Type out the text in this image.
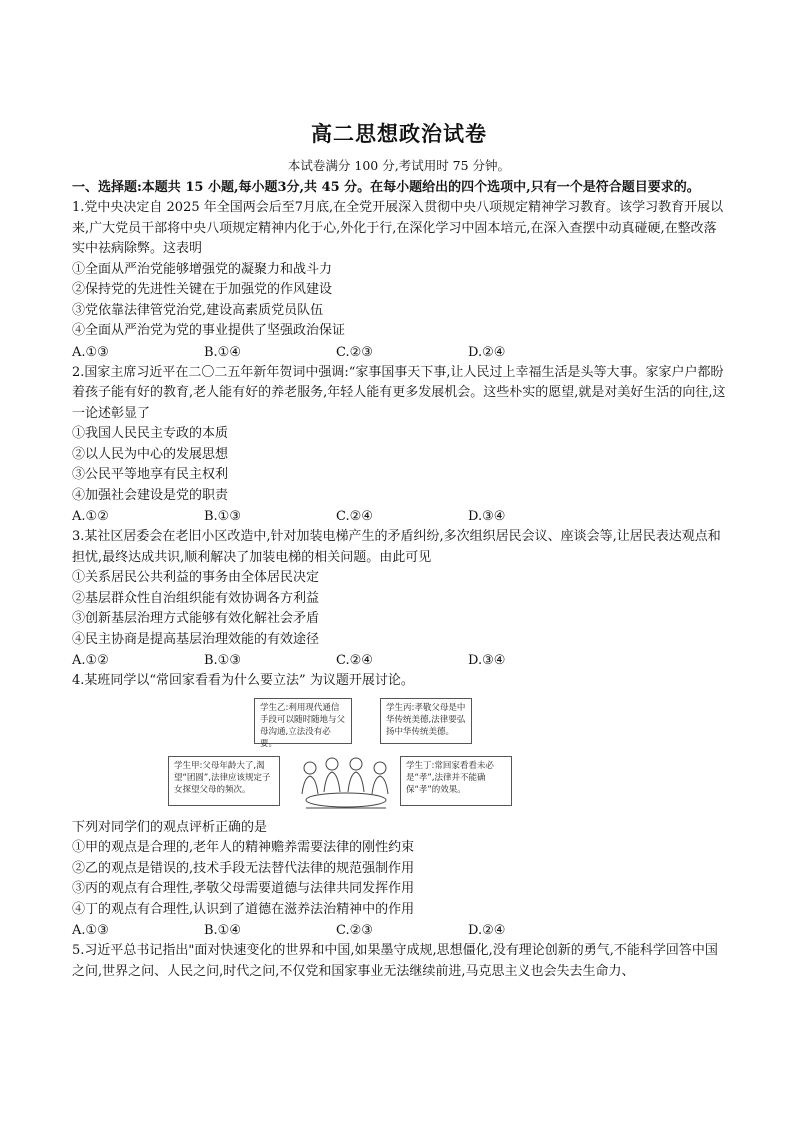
高二思想政治试卷
本试卷满分 100 分,考试用时 75 分钟。
一、选择题:本题共 15 小题,每小题3分,共 45 分。在每小题给出的四个选项中,只有一个是符合题目要求的。
1.党中央决定自 2025 年全国两会后至7月底,在全党开展深入贯彻中央八项规定精神学习教育。该学习教育开展以来,广大党员干部将中央八项规定精神内化于心,外化于行,在深化学习中固本培元,在深入查摆中动真碰硬,在整改落实中祛病除弊。这表明
①全面从严治党能够增强党的凝聚力和战斗力
②保持党的先进性关键在于加强党的作风建设
③党依靠法律管党治党,建设高素质党员队伍
④全面从严治党为党的事业提供了坚强政治保证
A.①③	B.①④	C.②③	D.②④
2.国家主席习近平在二〇二五年新年贺词中强调:“家事国事天下事,让人民过上幸福生活是头等大事。家家户户都盼着孩子能有好的教育,老人能有好的养老服务,年轻人能有更多发展机会。这些朴实的愿望,就是对美好生活的向往,这一论述彰显了
①我国人民民主专政的本质
②以人民为中心的发展思想
③公民平等地享有民主权利
④加强社会建设是党的职责
A.①②	B.①③	C.②④	D.③④
3.某社区居委会在老旧小区改造中,针对加装电梯产生的矛盾纠纷,多次组织居民会议、座谈会等,让居民表达观点和担忧,最终达成共识,顺利解决了加装电梯的相关问题。由此可见
①关系居民公共利益的事务由全体居民决定
②基层群众性自治组织能有效协调各方利益
③创新基层治理方式能够有效化解社会矛盾
④民主协商是提高基层治理效能的有效途径
A.①②	B.①③	C.②④	D.③④
4.某班同学以“常回家看看为什么要立法” 为议题开展讨论。
学生乙:利用现代通信手段可以随时随地与父母沟通,立法没有必要。
学生丙:孝敬父母是中华传统美德,法律要弘扬中华传统美德。
学生甲:父母年龄大了,渴望“团圆”,法律应该规定子女探望父母的频次。
学生丁:常回家看看未必是“孝”,法律并不能确保“孝”的效果。
下列对同学们的观点评析正确的是
①甲的观点是合理的,老年人的精神赡养需要法律的刚性约束
②乙的观点是错误的,技术手段无法替代法律的规范强制作用
③丙的观点有合理性,孝敬父母需要道德与法律共同发挥作用
④丁的观点有合理性,认识到了道德在滋养法治精神中的作用
A.①③	B.①④	C.②③	D.②④
5.习近平总书记指出"面对快速变化的世界和中国,如果墨守成规,思想僵化,没有理论创新的勇气,不能科学回答中国之问,世界之问、人民之问,时代之问,不仅党和国家事业无法继续前进,马克思主义也会失去生命力、
